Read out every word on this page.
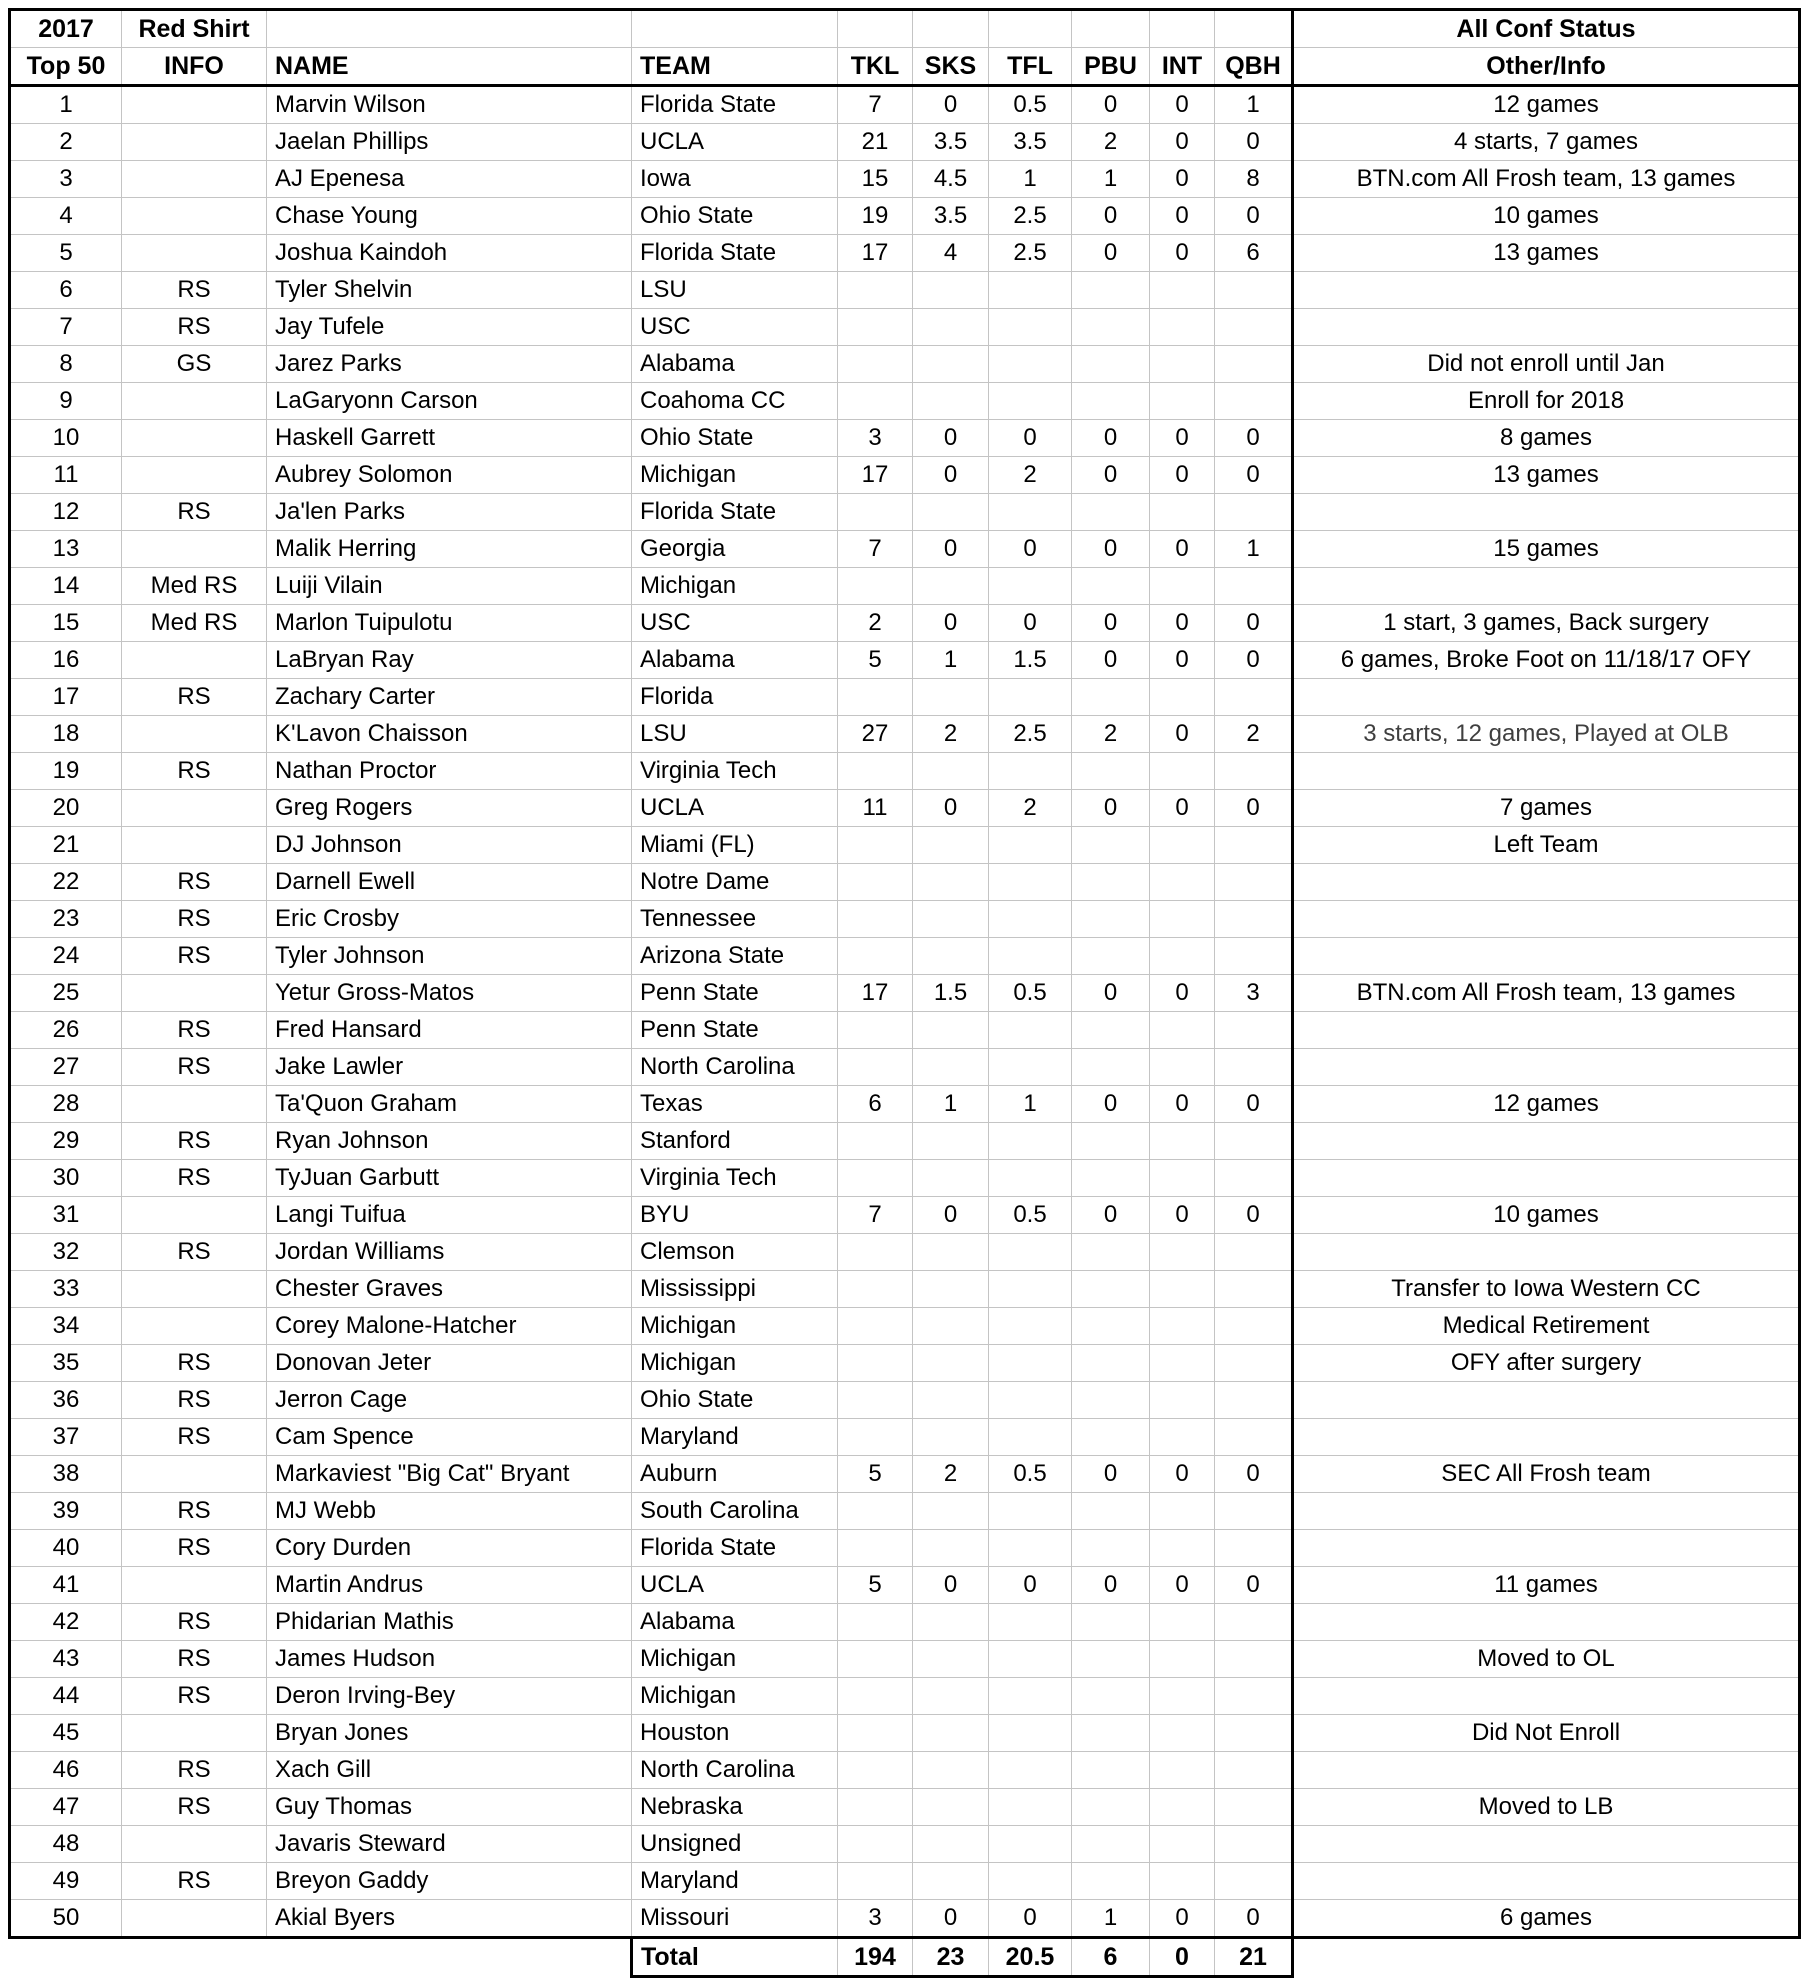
2017	Red Shirt									All Conf Status
Top 50	INFO	NAME	TEAM	TKL	SKS	TFL	PBU	INT	QBH	Other/Info
1		Marvin Wilson	Florida State	7	0	0.5	0	0	1	12 games
2		Jaelan Phillips	UCLA	21	3.5	3.5	2	0	0	4 starts, 7 games
3		AJ Epenesa	Iowa	15	4.5	1	1	0	8	BTN.com All Frosh team, 13 games
4		Chase Young	Ohio State	19	3.5	2.5	0	0	0	10 games
5		Joshua Kaindoh	Florida State	17	4	2.5	0	0	6	13 games
6	RS	Tyler Shelvin	LSU							
7	RS	Jay Tufele	USC							
8	GS	Jarez Parks	Alabama							Did not enroll until Jan
9		LaGaryonn Carson	Coahoma CC							Enroll for 2018
10		Haskell Garrett	Ohio State	3	0	0	0	0	0	8 games
11		Aubrey Solomon	Michigan	17	0	2	0	0	0	13 games
12	RS	Ja'len Parks	Florida State							
13		Malik Herring	Georgia	7	0	0	0	0	1	15 games
14	Med RS	Luiji Vilain	Michigan							
15	Med RS	Marlon Tuipulotu	USC	2	0	0	0	0	0	1 start, 3 games, Back surgery
16		LaBryan Ray	Alabama	5	1	1.5	0	0	0	6 games, Broke Foot on 11/18/17 OFY
17	RS	Zachary Carter	Florida							
18		K'Lavon Chaisson	LSU	27	2	2.5	2	0	2	3 starts, 12 games, Played at OLB
19	RS	Nathan Proctor	Virginia Tech							
20		Greg Rogers	UCLA	11	0	2	0	0	0	7 games
21		DJ Johnson	Miami (FL)							Left Team
22	RS	Darnell Ewell	Notre Dame							
23	RS	Eric Crosby	Tennessee							
24	RS	Tyler Johnson	Arizona State							
25		Yetur Gross-Matos	Penn State	17	1.5	0.5	0	0	3	BTN.com All Frosh team, 13 games
26	RS	Fred Hansard	Penn State							
27	RS	Jake Lawler	North Carolina							
28		Ta'Quon Graham	Texas	6	1	1	0	0	0	12 games
29	RS	Ryan Johnson	Stanford							
30	RS	TyJuan Garbutt	Virginia Tech							
31		Langi Tuifua	BYU	7	0	0.5	0	0	0	10 games
32	RS	Jordan Williams	Clemson							
33		Chester Graves	Mississippi							Transfer to Iowa Western CC
34		Corey Malone-Hatcher	Michigan							Medical Retirement
35	RS	Donovan Jeter	Michigan							OFY after surgery
36	RS	Jerron Cage	Ohio State							
37	RS	Cam Spence	Maryland							
38		Markaviest "Big Cat" Bryant	Auburn	5	2	0.5	0	0	0	SEC All Frosh team
39	RS	MJ Webb	South Carolina							
40	RS	Cory Durden	Florida State							
41		Martin Andrus	UCLA	5	0	0	0	0	0	11 games
42	RS	Phidarian Mathis	Alabama							
43	RS	James Hudson	Michigan							Moved to OL
44	RS	Deron Irving-Bey	Michigan							
45		Bryan Jones	Houston							Did Not Enroll
46	RS	Xach Gill	North Carolina							
47	RS	Guy Thomas	Nebraska							Moved to LB
48		Javaris Steward	Unsigned							
49	RS	Breyon Gaddy	Maryland							
50		Akial Byers	Missouri	3	0	0	1	0	0	6 games
			Total	194	23	20.5	6	0	21	
